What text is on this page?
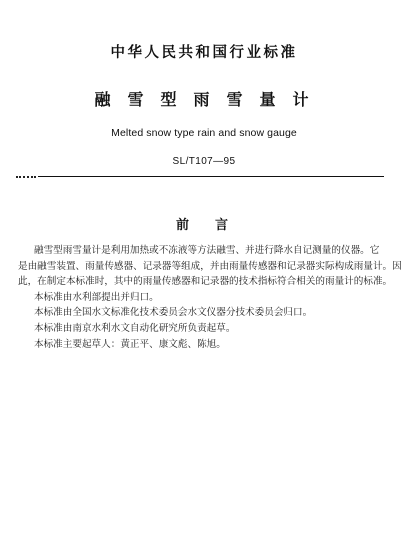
中华人民共和国行业标准
融雪型雨雪量计
Melted snow type rain and snow gauge
SL/T107—95
前言
融雪型雨雪量计是利用加热或不冻液等方法融雪、并进行降水自记测量的仪器。它
是由融雪装置、雨量传感器、记录器等组成，并由雨量传感器和记录器实际构成雨量计。因
此，在制定本标准时，其中的雨量传感器和记录器的技术指标符合相关的雨量计的标准。
本标准由水利部提出并归口。
本标准由全国水文标准化技术委员会水文仪器分技术委员会归口。
本标准由南京水利水文自动化研究所负责起草。
本标准主要起草人：黄正平、康文彪、陈旭。
